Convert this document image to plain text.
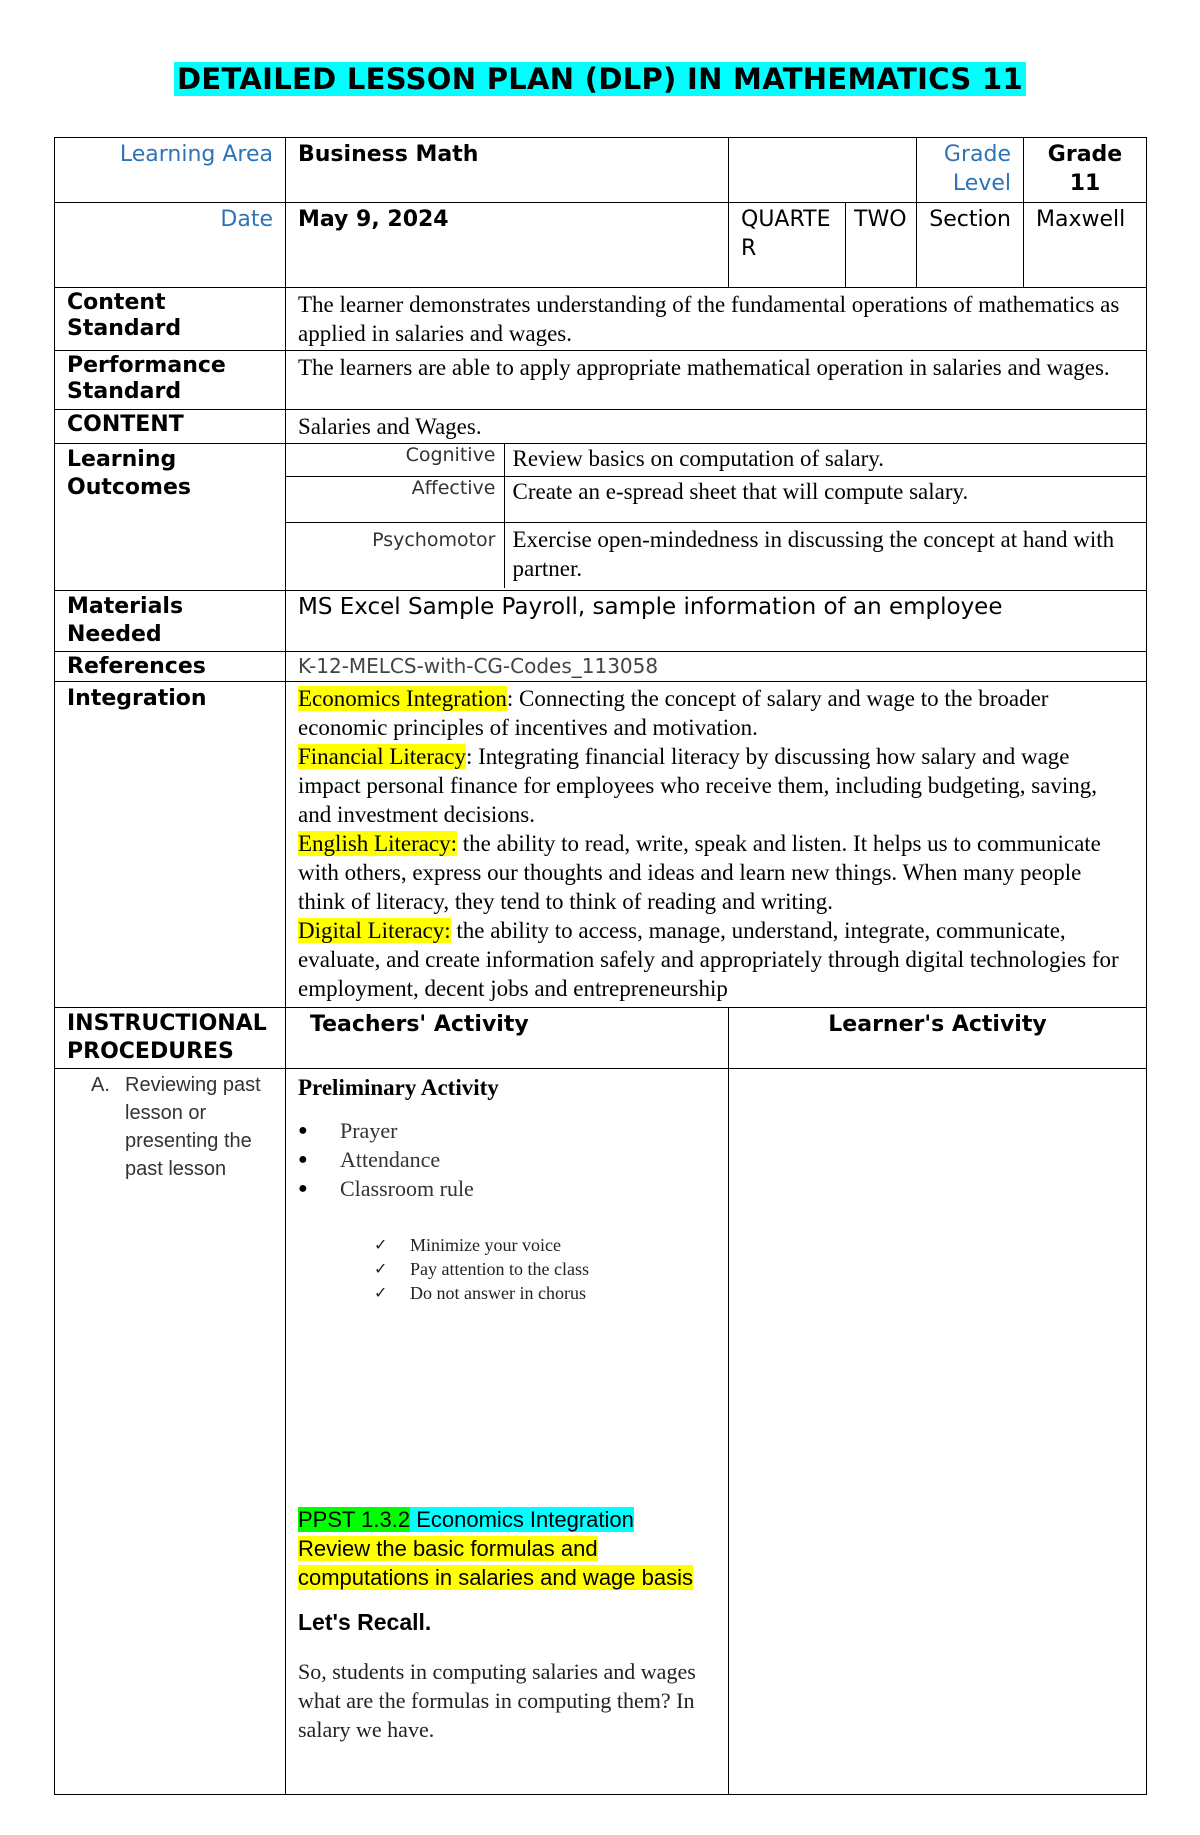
DETAILED LESSON PLAN (DLP) IN MATHEMATICS 11
Learning Area	Business Math		Grade Level	Grade 11
Date	May 9, 2024	QUARTER	TWO	Section	Maxwell
Content Standard	The learner demonstrates understanding of the fundamental operations of mathematics as applied in salaries and wages.
Performance Standard	The learners are able to apply appropriate mathematical operation in salaries and wages.
CONTENT	Salaries and Wages.
Learning Outcomes	
Cognitive	Review basics on computation of salary.
Affective	Create an e-spread sheet that will compute salary.
Psychomotor	Exercise open-mindedness in discussing the concept at hand with partner.

Materials Needed	MS Excel Sample Payroll, sample information of an employee
References	K-12-MELCS-with-CG-Codes_113058
Integration	Economics Integration: Connecting the concept of salary and wage to the broader economic principles of incentives and motivation.
Financial Literacy: Integrating financial literacy by discussing how salary and wage impact personal finance for employees who receive them, including budgeting, saving, and investment decisions.
English Literacy: the ability to read, write, speak and listen. It helps us to communicate with others, express our thoughts and ideas and learn new things. When many people think of literacy, they tend to think of reading and writing.
Digital Literacy: the ability to access, manage, understand, integrate, communicate, evaluate, and create information safely and appropriately through digital technologies for employment, decent jobs and entrepreneurship

INSTRUCTIONAL PROCEDURES	Teachers' Activity	Learner's Activity

A. Reviewing past lesson or presenting the past lesson

Preliminary Activity
● Prayer
● Attendance
● Classroom rule
✓ Minimize your voice
✓ Pay attention to the class
✓ Do not answer in chorus
PPST 1.3.2 Economics Integration
Review the basic formulas and computations in salaries and wage basis
Let's Recall.
So, students in computing salaries and wages what are the formulas in computing them? In salary we have.
